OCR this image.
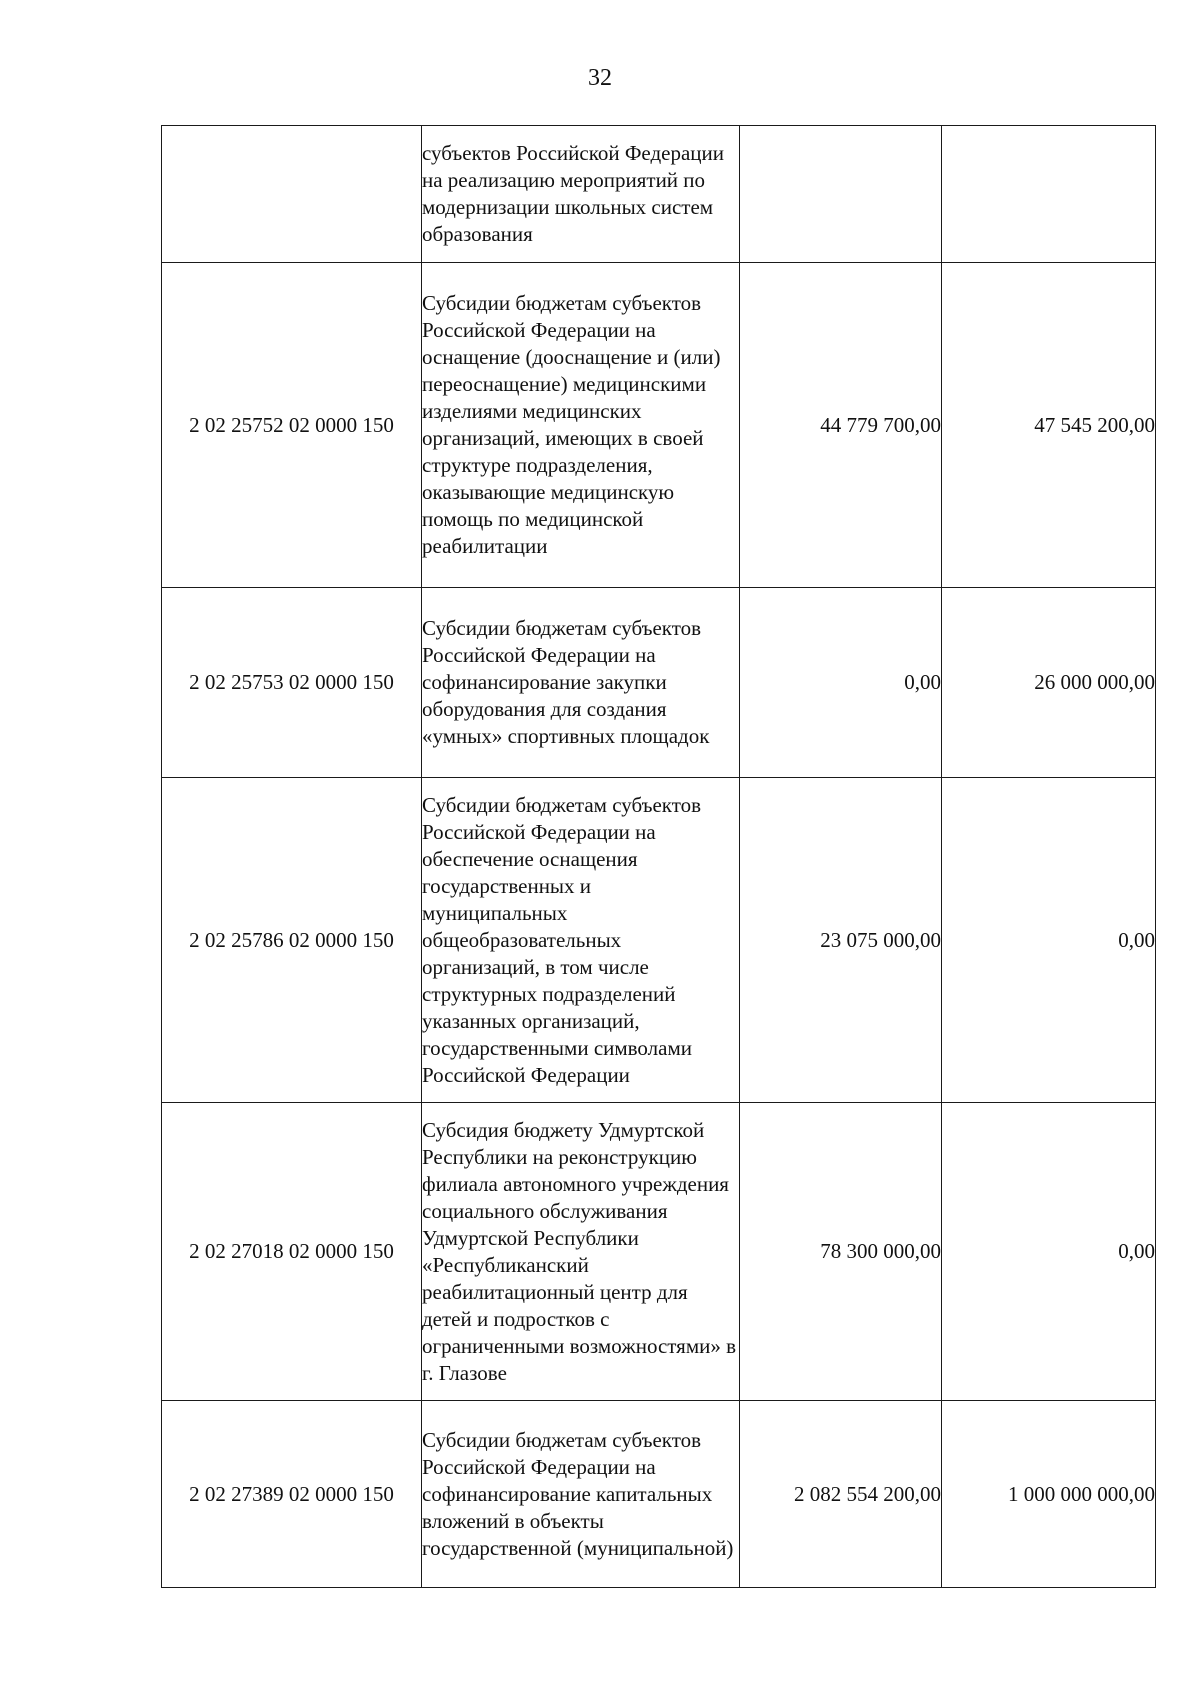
32
	субъектов Российской Федерации на реализацию мероприятий по модернизации школьных систем образования		
2 02 25752 02 0000 150	Субсидии бюджетам субъектов Российской Федерации на оснащение (дооснащение и (или) переоснащение) медицинскими изделиями медицинских организаций, имеющих в своей структуре подразделения, оказывающие медицинскую помощь по медицинской реабилитации	44 779 700,00	47 545 200,00
2 02 25753 02 0000 150	Субсидии бюджетам субъектов Российской Федерации на софинансирование закупки оборудования для создания «умных» спортивных площадок	0,00	26 000 000,00
2 02 25786 02 0000 150	Субсидии бюджетам субъектов Российской Федерации на обеспечение оснащения государственных и муниципальных общеобразовательных организаций, в том числе структурных подразделений указанных организаций, государственными символами Российской Федерации	23 075 000,00	0,00
2 02 27018 02 0000 150	Субсидия бюджету Удмуртской Республики на реконструкцию филиала автономного учреждения социального обслуживания Удмуртской Республики «Республиканский реабилитационный центр для детей и подростков с ограниченными возможностями» в г. Глазове	78 300 000,00	0,00
2 02 27389 02 0000 150	Субсидии бюджетам субъектов Российской Федерации на софинансирование капитальных вложений в объекты государственной (муниципальной)	2 082 554 200,00	1 000 000 000,00
